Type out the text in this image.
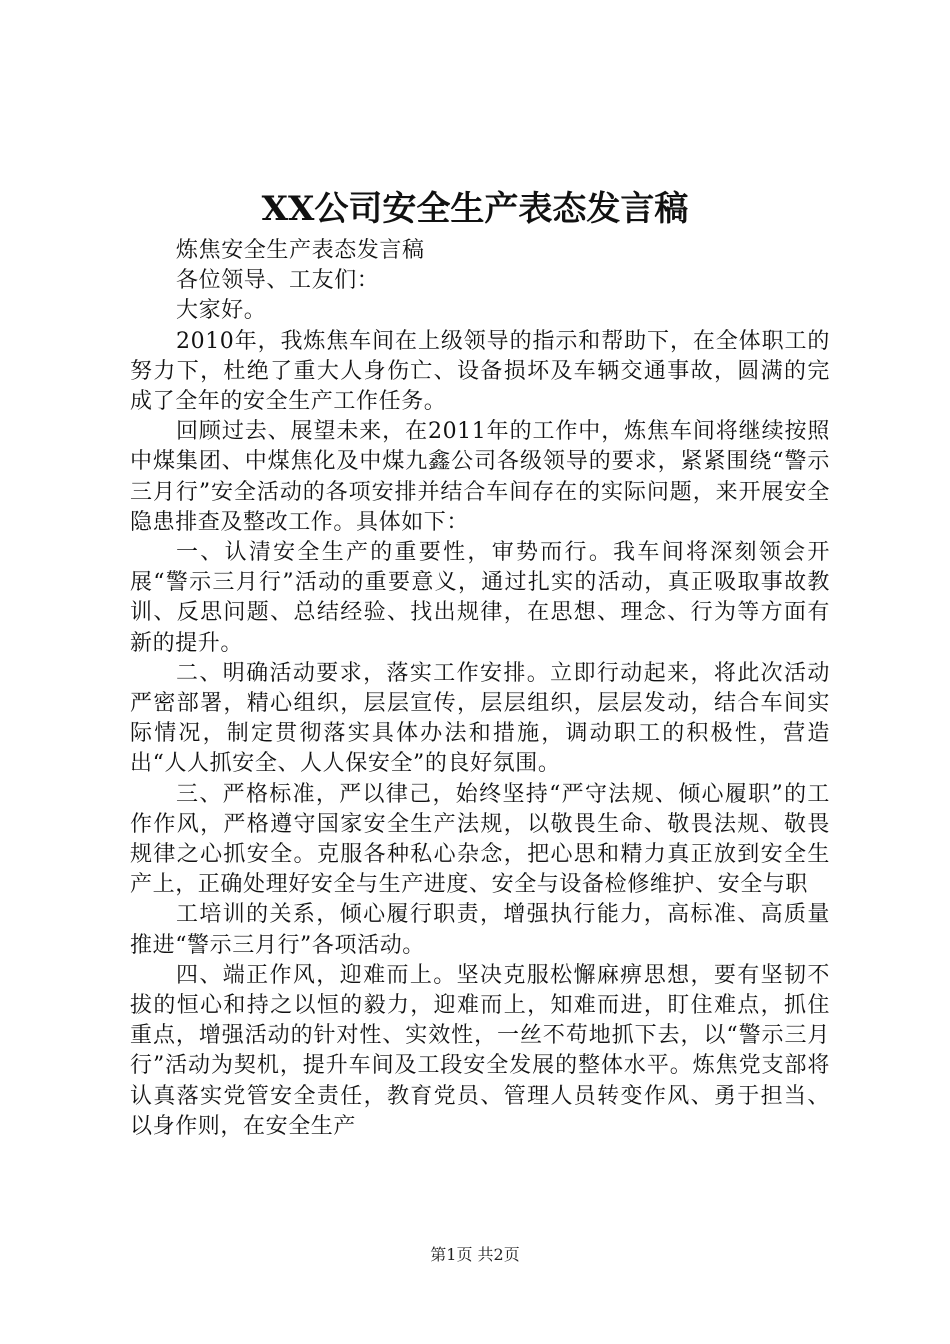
XX公司安全生产表态发言稿

炼焦安全生产表态发言稿

各位领导、工友们：

大家好。

2010年，我炼焦车间在上级领导的指示和帮助下，在全体职工的努力下，杜绝了重大人身伤亡、设备损坏及车辆交通事故，圆满的完成了全年的安全生产工作任务。

回顾过去、展望未来，在2011年的工作中，炼焦车间将继续按照中煤集团、中煤焦化及中煤九鑫公司各级领导的要求，紧紧围绕“警示三月行”安全活动的各项安排并结合车间存在的实际问题，来开展安全隐患排查及整改工作。具体如下：

一、认清安全生产的重要性，审势而行。我车间将深刻领会开展“警示三月行”活动的重要意义，通过扎实的活动，真正吸取事故教训、反思问题、总结经验、找出规律，在思想、理念、行为等方面有新的提升。

二、明确活动要求，落实工作安排。立即行动起来，将此次活动严密部署，精心组织，层层宣传，层层组织，层层发动，结合车间实际情况，制定贯彻落实具体办法和措施，调动职工的积极性，营造出“人人抓安全、人人保安全”的良好氛围。

三、严格标准，严以律己，始终坚持“严守法规、倾心履职”的工作作风，严格遵守国家安全生产法规，以敬畏生命、敬畏法规、敬畏规律之心抓安全。克服各种私心杂念，把心思和精力真正放到安全生产上，正确处理好安全与生产进度、安全与设备检修维护、安全与职

工培训的关系，倾心履行职责，增强执行能力，高标准、高质量推进“警示三月行”各项活动。

四、端正作风，迎难而上。坚决克服松懈麻痹思想，要有坚韧不拔的恒心和持之以恒的毅力，迎难而上，知难而进，盯住难点，抓住重点，增强活动的针对性、实效性，一丝不苟地抓下去，以“警示三月行”活动为契机，提升车间及工段安全发展的整体水平。炼焦党支部将认真落实党管安全责任，教育党员、管理人员转变作风、勇于担当、以身作则，在安全生产

第1页 共2页
